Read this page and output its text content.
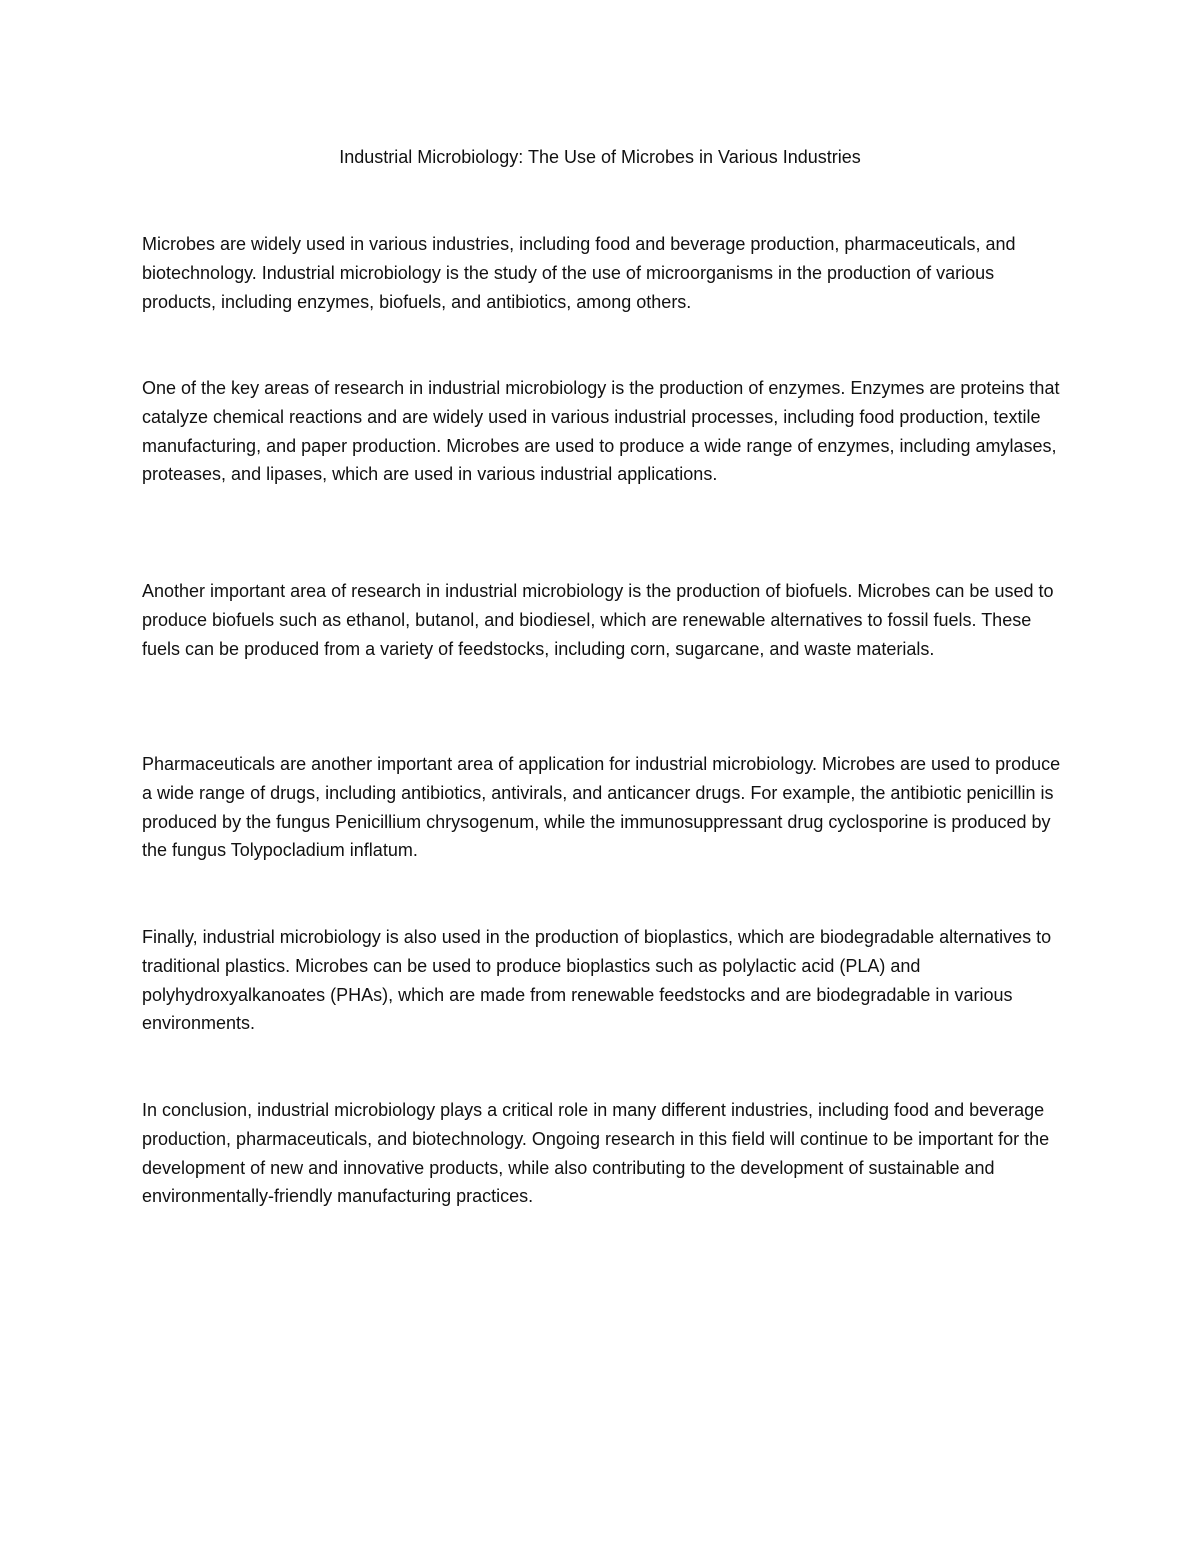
Industrial Microbiology: The Use of Microbes in Various Industries

Microbes are widely used in various industries, including food and beverage production, pharmaceuticals, and biotechnology. Industrial microbiology is the study of the use of microorganisms in the production of various products, including enzymes, biofuels, and antibiotics, among others.

One of the key areas of research in industrial microbiology is the production of enzymes. Enzymes are proteins that catalyze chemical reactions and are widely used in various industrial processes, including food production, textile manufacturing, and paper production. Microbes are used to produce a wide range of enzymes, including amylases, proteases, and lipases, which are used in various industrial applications.

Another important area of research in industrial microbiology is the production of biofuels. Microbes can be used to produce biofuels such as ethanol, butanol, and biodiesel, which are renewable alternatives to fossil fuels. These fuels can be produced from a variety of feedstocks, including corn, sugarcane, and waste materials.

Pharmaceuticals are another important area of application for industrial microbiology. Microbes are used to produce a wide range of drugs, including antibiotics, antivirals, and anticancer drugs. For example, the antibiotic penicillin is produced by the fungus Penicillium chrysogenum, while the immunosuppressant drug cyclosporine is produced by the fungus Tolypocladium inflatum.

Finally, industrial microbiology is also used in the production of bioplastics, which are biodegradable alternatives to traditional plastics. Microbes can be used to produce bioplastics such as polylactic acid (PLA) and polyhydroxyalkanoates (PHAs), which are made from renewable feedstocks and are biodegradable in various environments.

In conclusion, industrial microbiology plays a critical role in many different industries, including food and beverage production, pharmaceuticals, and biotechnology. Ongoing research in this field will continue to be important for the development of new and innovative products, while also contributing to the development of sustainable and environmentally-friendly manufacturing practices.
